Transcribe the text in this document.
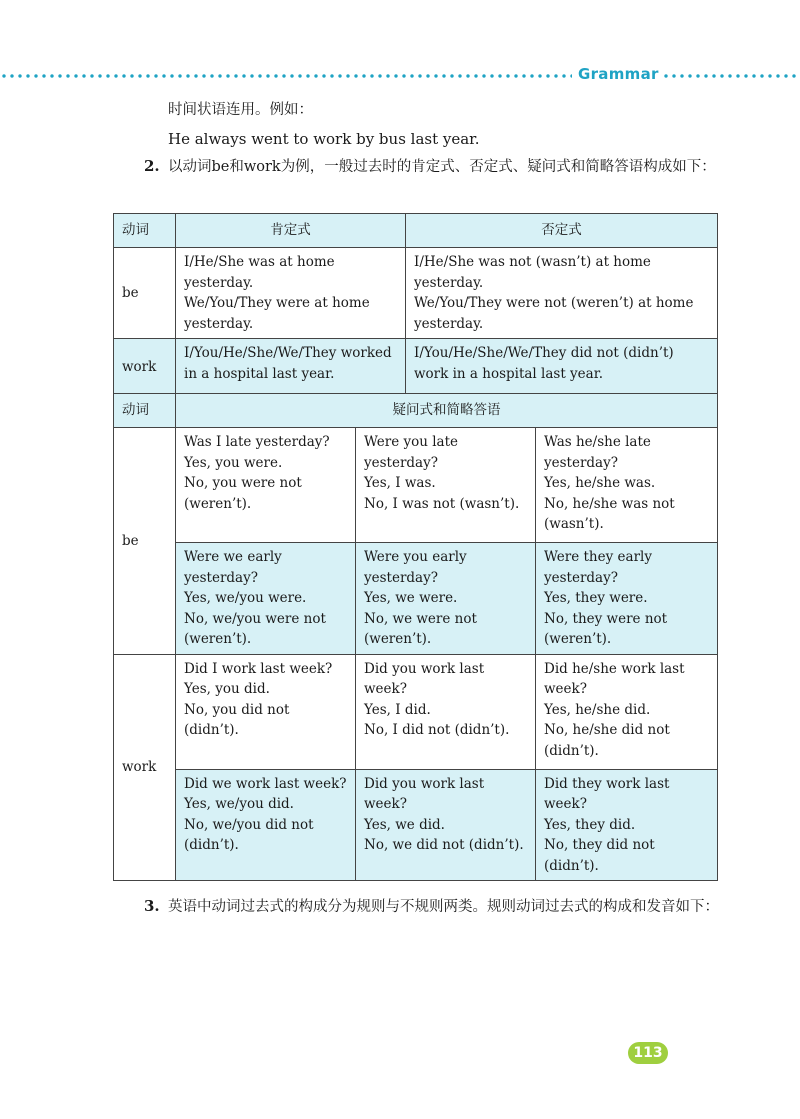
Grammar

时间状语连用。例如：

He always went to work by bus last year.
2. 以动词be和work为例，一般过去时的肯定式、否定式、疑问式和简略答语构成如下：

动词	肯定式	否定式
be	I/He/She was at home yesterday.
We/You/They were at home
yesterday.	I/He/She was not (wasn’t) at home yesterday.
We/You/They were not (weren’t) at home
yesterday.

work	I/You/He/She/We/They worked
in a hospital last year.	I/You/He/She/We/They did not (didn’t)
work in a hospital last year.
动词	疑问式和简略答语		
be	Was I late yesterday?
Yes, you were.
No, you were not
(weren’t).	Were you late yesterday?
Yes, I was.
No, I was not (wasn’t).	Was he/she late
yesterday?
Yes, he/she was.
No, he/she was not
(wasn’t).

	Were we early yesterday?
Yes, we/you were.
No, we/you were not
(weren’t).	Were you early yesterday?
Yes, we were.
No, we were not
(weren’t).	Were they early yesterday?
Yes, they were.
No, they were not
(weren’t).

work	Did I work last week?
Yes, you did.
No, you did not (didn’t).	Did you work last week?
Yes, I did.
No, I did not (didn’t).	Did he/she work last
week?
Yes, he/she did.
No, he/she did not
(didn’t).

	Did we work last week?
Yes, we/you did.
No, we/you did not
(didn’t).	Did you work last week?
Yes, we did.
No, we did not (didn’t).	Did they work last week?
Yes, they did.
No, they did not (didn’t).
3. 英语中动词过去式的构成分为规则与不规则两类。规则动词过去式的构成和发音如下：

113
